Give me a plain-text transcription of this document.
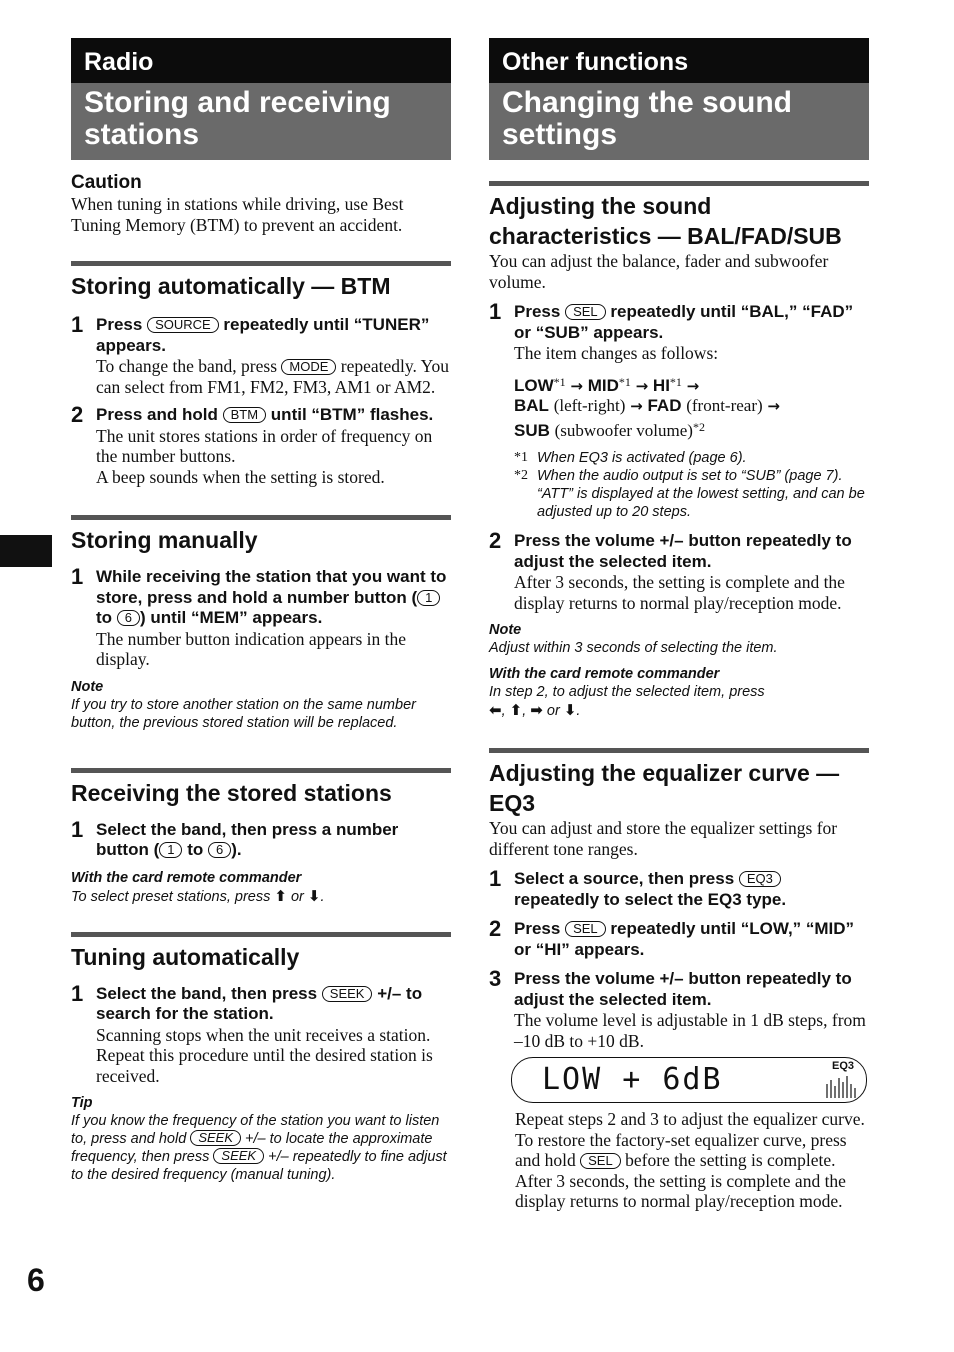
6
Radio
Storing and receiving stations

Caution

When tuning in stations while driving, use Best Tuning Memory (BTM) to prevent an accident.

Storing automatically — BTM

1 Press SOURCE repeatedly until “TUNER” appears.

To change the band, press MODE repeatedly. You can select from FM1, FM2, FM3, AM1 or AM2.

2 Press and hold BTM until “BTM” flashes.

The unit stores stations in order of frequency on the number buttons.

A beep sounds when the setting is stored.

Storing manually

1 While receiving the station that you want to store, press and hold a number button ( 1 to 6 ) until “MEM” appears.

The number button indication appears in the display.

Note

If you try to store another station on the same number button, the previous stored station will be replaced.

Receiving the stored stations

1 Select the band, then press a number button ( 1 to 6 ).

With the card remote commander

To select preset stations, press ⬆ or ⬇.

Tuning automatically

1 Select the band, then press SEEK +/– to search for the station.

Scanning stops when the unit receives a station. Repeat this procedure until the desired station is received.

Tip

If you know the frequency of the station you want to listen to, press and hold SEEK +/– to locate the approximate frequency, then press SEEK +/– repeatedly to fine adjust to the desired frequency (manual tuning).

Other functions
Changing the sound settings

Adjusting the sound characteristics — BAL/FAD/SUB

You can adjust the balance, fader and subwoofer volume.

1 Press SEL repeatedly until “BAL,” “FAD” or “SUB” appears.

The item changes as follows:

$LOW^{*1} \to MID^{*1} \to HI^{*1}$ →
BAL (left-right) → FAD (front-rear) →
SUB (subwoofer volume)$^{*2}$

*1 When EQ3 is activated (page 6).
*2 When the audio output is set to “SUB” (page 7). “ATT” is displayed at the lowest setting, and can be adjusted up to 20 steps.
2 Press the volume +/– button repeatedly to adjust the selected item.

After 3 seconds, the setting is complete and the display returns to normal play/reception mode.

Note

Adjust within 3 seconds of selecting the item.

With the card remote commander

In step 2, to adjust the selected item, press
⬅, ⬆, ➡ or ⬇.

Adjusting the equalizer curve — EQ3

You can adjust and store the equalizer settings for different tone ranges.

1 Select a source, then press EQ3 repeatedly to select the EQ3 type.

2 Press SEL repeatedly until “LOW,” “MID” or “HI” appears.

3 Press the volume +/– button repeatedly to adjust the selected item.

The volume level is adjustable in 1 dB steps, from –10 dB to +10 dB.

LOW + 6dB	EQ3

Repeat steps 2 and 3 to adjust the equalizer curve.

To restore the factory-set equalizer curve, press and hold SEL before the setting is complete.

After 3 seconds, the setting is complete and the display returns to normal play/reception mode.
